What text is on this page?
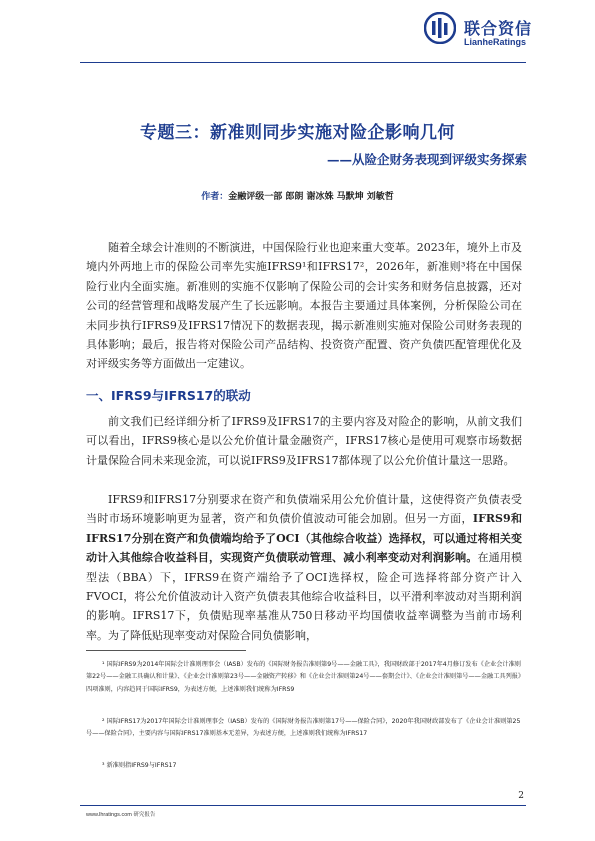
联合资信
LianheRatings
专题三：新准则同步实施对险企影响几何
——从险企财务表现到评级实务探索
作者：金融评级一部 郎朗 谢冰姝 马默坤 刘敏哲

随着全球会计准则的不断演进，中国保险行业也迎来重大变革。2023年，境外上市及境内外两地上市的保险公司率先实施IFRS9¹和IFRS17²，2026年，新准则³将在中国保险行业内全面实施。新准则的实施不仅影响了保险公司的会计实务和财务信息披露，还对公司的经营管理和战略发展产生了长远影响。本报告主要通过具体案例，分析保险公司在未同步执行IFRS9及IFRS17情况下的数据表现，揭示新准则实施对保险公司财务表现的具体影响；最后，报告将对保险公司产品结构、投资资产配置、资产负债匹配管理优化及对评级实务等方面做出一定建议。

一、IFRS9与IFRS17的联动

前文我们已经详细分析了IFRS9及IFRS17的主要内容及对险企的影响，从前文我们可以看出，IFRS9核心是以公允价值计量金融资产，IFRS17核心是使用可观察市场数据计量保险合同未来现金流，可以说IFRS9及IFRS17都体现了以公允价值计量这一思路。

IFRS9和IFRS17分别要求在资产和负债端采用公允价值计量，这使得资产负债表受当时市场环境影响更为显著，资产和负债价值波动可能会加剧。但另一方面，IFRS9和IFRS17分别在资产和负债端均给予了OCI（其他综合收益）选择权，可以通过将相关变动计入其他综合收益科目，实现资产负债联动管理、减小利率变动对利润影响。在通用模型法（BBA）下，IFRS9在资产端给予了OCI选择权，险企可选择将部分资产计入FVOCI，将公允价值波动计入资产负债表其他综合收益科目，以平滑利率波动对当期利润的影响。IFRS17下，负债贴现率基准从750日移动平均国债收益率调整为当前市场利率。为了降低贴现率变动对保险合同负债影响，

¹ 国际IFRS9为2014年国际会计准则理事会（IASB）发布的《国际财务报告准则第9号——金融工具》，我国财政部于2017年4月修订发布《企业会计准则第22号——金融工具确认和计量》、《企业会计准则第23号——金融资产转移》和《企业会计准则第24号——套期会计》、《企业会计准则第号——金融工具列报》四项准则，内容趋同于国际IFRS9，为表述方便，上述准则我们统称为IFRS9

² 国际IFRS17为2017年国际会计准则理事会（IASB）发布的《国际财务报告准则第17号——保险合同》，2020年我国财政部发布了《企业会计准则第25号——保险合同》，主要内容与国际IFRS17准则基本无差异，为表述方便，上述准则我们统称为IFRS17

³ 新准则指IFRS9与IFRS17

2
www.lhratings.com 研究报告
